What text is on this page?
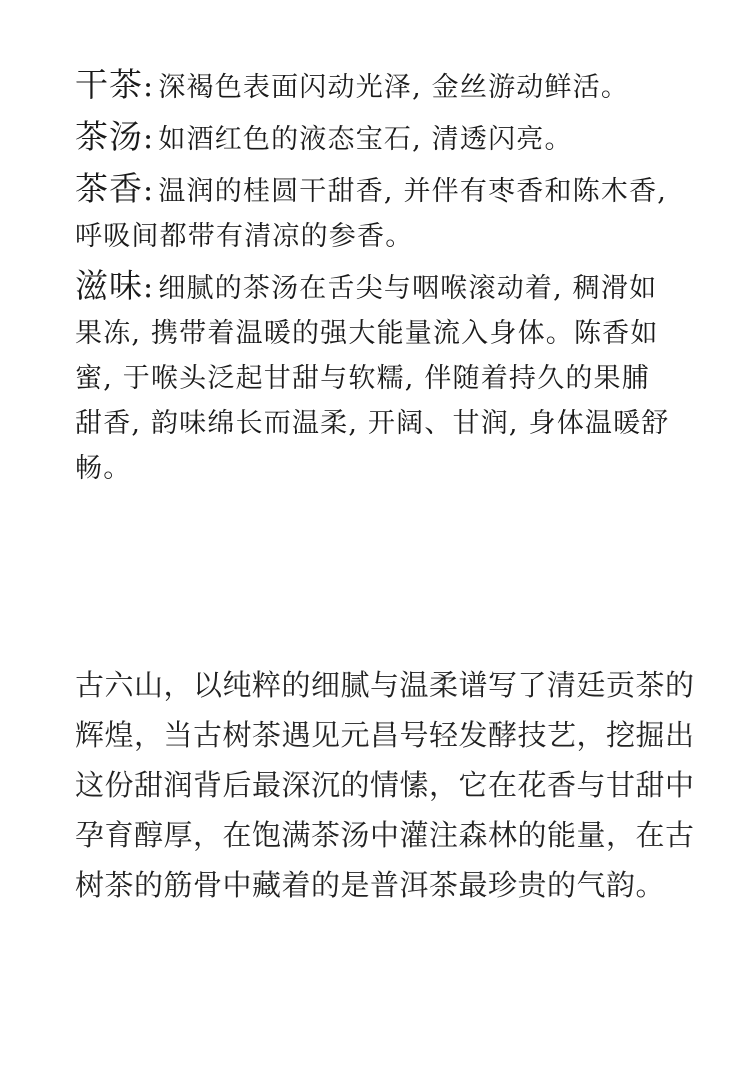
干茶: 深褐色表面闪动光泽, 金丝游动鲜活。

茶汤: 如酒红色的液态宝石, 清透闪亮。

茶香: 温润的桂圆干甜香, 并伴有枣香和陈木香, 呼吸间都带有清凉的参香。

滋味: 细腻的茶汤在舌尖与咽喉滚动着, 稠滑如果冻, 携带着温暖的强大能量流入身体。陈香如蜜, 于喉头泛起甘甜与软糯, 伴随着持久的果脯甜香, 韵味绵长而温柔, 开阔、甘润, 身体温暖舒畅。

古六山，以纯粹的细腻与温柔谱写了清廷贡茶的辉煌，当古树茶遇见元昌号轻发酵技艺，挖掘出这份甜润背后最深沉的情愫，它在花香与甘甜中孕育醇厚，在饱满茶汤中灌注森林的能量，在古树茶的筋骨中藏着的是普洱茶最珍贵的气韵。
